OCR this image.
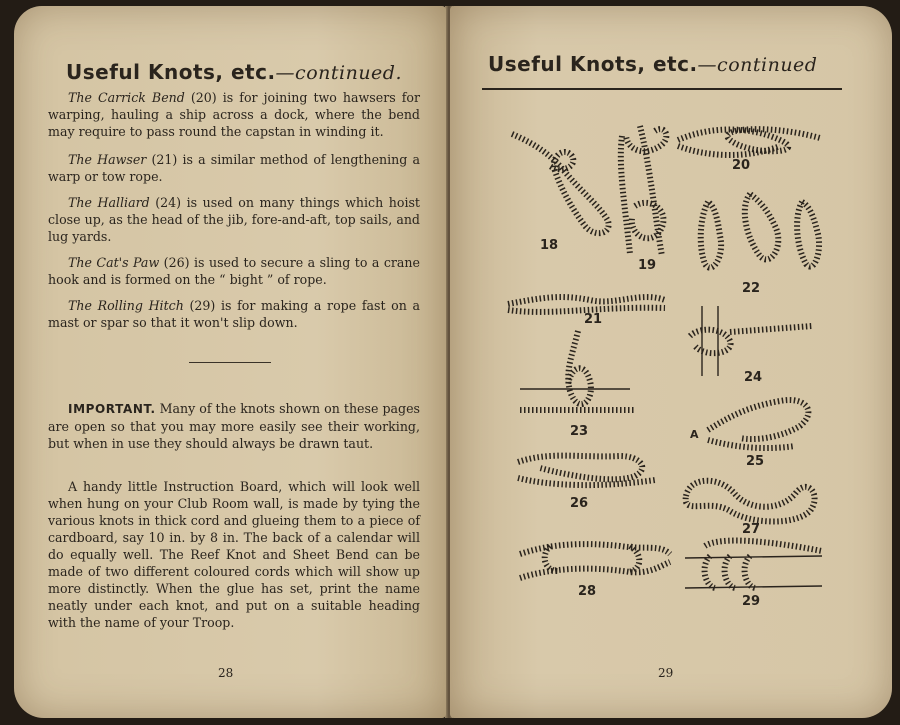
Useful Knots, etc.—continued.

The Carrick Bend (20) is for joining two hawsers for warping, hauling a ship across a dock, where the bend may require to pass round the capstan in winding it.

The Hawser (21) is a similar method of lengthening a warp or tow rope.

The Halliard (24) is used on many things which hoist close up, as the head of the jib, fore-and-aft, top sails, and lug yards.

The Cat's Paw (26) is used to secure a sling to a crane hook and is formed on the “ bight ” of rope.

The Rolling Hitch (29) is for making a rope fast on a mast or spar so that it won't slip down.

IMPORTANT. Many of the knots shown on these pages are open so that you may more easily see their working, but when in use they should always be drawn taut.

A handy little Instruction Board, which will look well when hung on your Club Room wall, is made by tying the various knots in thick cord and glueing them to a piece of cardboard, say 10 in. by 8 in. The back of a calendar will do equally well. The Reef Knot and Sheet Bend can be made of two different coloured cords which will show up more distinctly. When the glue has set, print the name neatly under each knot, and put on a suitable heading with the name of your Troop.

28
Useful Knots, etc.—continued
18
19
20
22
21
24
23	A
25
26
27
28
29
29
